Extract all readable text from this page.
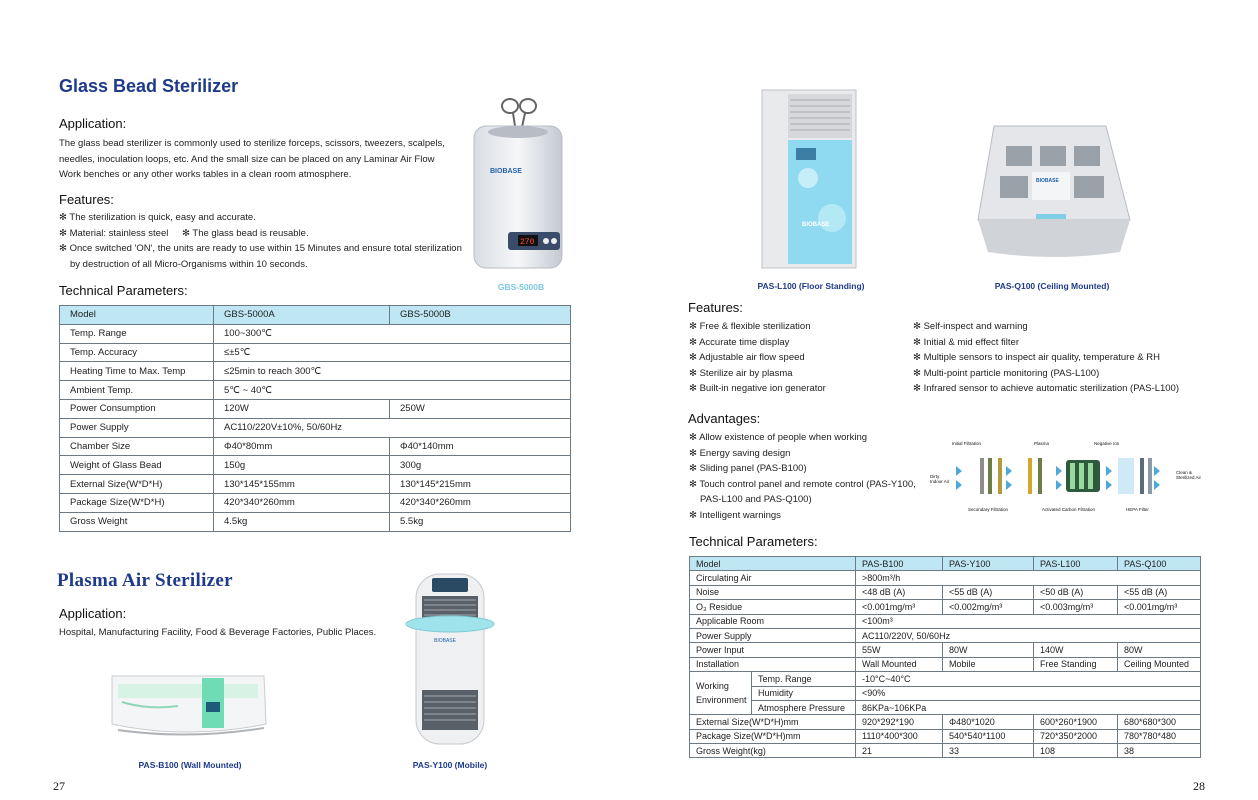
Glass Bead Sterilizer
Application:
The glass bead sterilizer is commonly used to sterilize forceps, scissors, tweezers, scalpels, needles, inoculation loops, etc. And the small size can be placed on any Laminar Air Flow Work benches or any other works tables in a clean room atmosphere.
Features:
✻ The sterilization is quick, easy and accurate.
✻ Material: stainless steel ✻ The glass bead is reusable.
✻ Once switched 'ON', the units are ready to use within 15 Minutes and ensure total sterilization
by destruction of all Micro-Organisms within 10 seconds.
BIOBASE
270
GBS-5000B
Technical Parameters:
Model	GBS-5000A	GBS-5000B
Temp. Range	100~300℃	
Temp. Accuracy	≤±5℃	
Heating Time to Max. Temp	≤25min to reach 300℃	
Ambient Temp.	5℃ ~ 40℃	
Power Consumption	120W	250W
Power Supply	AC110/220V±10%, 50/60Hz	
Chamber Size	Φ40*80mm	Φ40*140mm
Weight of Glass Bead	150g	300g
External Size(W*D*H)	130*145*155mm	130*145*215mm
Package Size(W*D*H)	420*340*260mm	420*340*260mm
Gross Weight	4.5kg	5.5kg
Plasma Air Sterilizer
Application:
Hospital, Manufacturing Facility, Food & Beverage Factories, Public Places.
PAS-B100 (Wall Mounted)
BIOBASE
PAS-Y100 (Mobile)
27
BIOBASE
PAS-L100 (Floor Standing)
BIOBASE
PAS-Q100 (Ceiling Mounted)
Features:
✻ Free & flexible sterilization
✻ Accurate time display
✻ Adjustable air flow speed
✻ Sterilize air by plasma
✻ Built-in negative ion generator
✻ Self-inspect and warning
✻ Initial & mid effect filter
✻ Multiple sensors to inspect air quality, temperature & RH
✻ Multi-point particle monitoring (PAS-L100)
✻ Infrared sensor to achieve automatic sterilization (PAS-L100)
Advantages:
✻ Allow existence of people when working
✻ Energy saving design
✻ Sliding panel (PAS-B100)
✻ Touch control panel and remote control (PAS-Y100,
PAS-L100 and PAS-Q100)
✻ Intelligent warnings
Initial Filtration	Plasma	Negative Ion
Dirty Indoor Air
Clean & Sterilized Air
Secondary Filtration	Activated Carbon Filtration	HEPA Filter
Technical Parameters:
Model		PAS-B100	PAS-Y100	PAS-L100	PAS-Q100
Circulating Air		>800m³/h			
Noise		<48 dB (A)	<55 dB (A)	<50 dB (A)	<55 dB (A)
O₃ Residue		<0.001mg/m³	<0.002mg/m³	<0.003mg/m³	<0.001mg/m³
Applicable Room		<100m³			
Power Supply		AC110/220V, 50/60Hz			
Power Input		55W	80W	140W	80W
Installation		Wall Mounted	Mobile	Free Standing	Ceiling Mounted
Working Environment	Temp. Range	-10°C~40°C			
	Humidity	<90%			
	Atmosphere Pressure	86KPa~106KPa			
External Size(W*D*H)mm		920*292*190	Φ480*1020	600*260*1900	680*680*300
Package Size(W*D*H)mm		1110*400*300	540*540*1100	720*350*2000	780*780*480
Gross Weight(kg)		21	33	108	38
28
